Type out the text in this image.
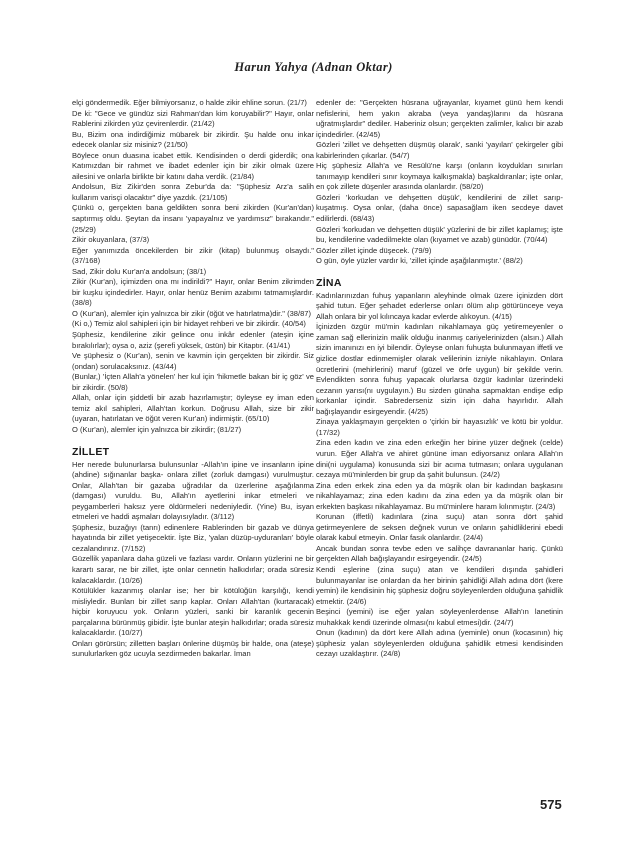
Harun Yahya (Adnan Oktar)

elçi göndermedik. Eğer bilmiyorsanız, o halde zikir ehline sorun. (21/7)

De ki: "Gece ve gündüz sizi Rahman'dan kim koruyabilir?" Hayır, onlar Rablerini zikirden yüz çevirenlerdir. (21/42)

Bu, Bizim ona indirdiğimiz mübarek bir zikirdir. Şu halde onu inkar edecek olanlar siz misiniz? (21/50)

Böylece onun duasına icabet ettik. Kendisinden o derdi giderdik; ona Katımızdan bir rahmet ve ibadet edenler için bir zikir olmak üzere ailesini ve onlarla birlikte bir katını daha verdik. (21/84)

Andolsun, Biz Zikir'den sonra Zebur'da da: "Şüphesiz Arz'a salih kullarım varisçi olacaktır" diye yazdık. (21/105)

Çünkü o, gerçekten bana geldikten sonra beni zikirden (Kur'an'dan) saptırmış oldu. Şeytan da insanı 'yapayalnız ve yardımsız" bırakandır." (25/29)

Zikir okuyanlara, (37/3)

Eğer yanımızda öncekilerden bir zikir (kitap) bulunmuş olsaydı." (37/168)

Sad, Zikir dolu Kur'an'a andolsun; (38/1)

Zikir (Kur'an), içimizden ona mı indirildi?" Hayır, onlar Benim zikrimden bir kuşku içindedirler. Hayır, onlar henüz Benim azabımı tatmamışlardır. (38/8)

O (Kur'an), alemler için yalnızca bir zikir (öğüt ve hatırlatma)dir." (38/87)

(Ki o,) Temiz akıl sahipleri için bir hidayet rehberi ve bir zikirdir. (40/54)

Şüphesiz, kendilerine zikir gelince onu inkâr edenler (ateşin içine bırakılırlar); oysa o, aziz (şerefi yüksek, üstün) bir Kitaptır. (41/41)

Ve şüphesiz o (Kur'an), senin ve kavmin için gerçekten bir zikirdir. Siz (ondan) sorulacaksınız. (43/44)

(Bunlar,) 'İçten Allah'a yönelen' her kul için 'hikmetle bakan bir iç göz' ve bir zikirdir. (50/8)

Allah, onlar için şiddetli bir azab hazırlamıştır; öyleyse ey iman eden temiz akıl sahipleri, Allah'tan korkun. Doğrusu Allah, size bir zikir (uyaran, hatırlatan ve öğüt veren Kur'an) indirmiştir. (65/10)

O (Kur'an), alemler için yalnızca bir zikirdir; (81/27)

ZİLLET

Her nerede bulunurlarsa bulunsunlar -Allah'ın ipine ve insanların ipine (ahdine) sığınanlar başka- onlara zillet (zorluk damgası) vurulmuştur. Onlar, Allah'tan bir gazaba uğradılar da üzerlerine aşağılanma (damgası) vuruldu. Bu, Allah'ın ayetlerini inkar etmeleri ve peygamberleri haksız yere öldürmeleri nedeniyledir. (Yine) Bu, isyan etmeleri ve haddi aşmaları dolayısıyladır. (3/112)

Şüphesiz, buzağıyı (tanrı) edinenlere Rablerinden bir gazab ve dünya hayatında bir zillet yetişecektir. İşte Biz, 'yalan düzüp-uyduranları' böyle cezalandırırız. (7/152)

Güzellik yapanlara daha güzeli ve fazlası vardır. Onların yüzlerini ne bir karartı sarar, ne bir zillet, işte onlar cennetin halkıdırlar; orada süresiz kalacaklardır. (10/26)

Kötülükler kazanmış olanlar ise; her bir kötülüğün karşılığı, kendi misliyledir. Bunları bir zillet sarıp kaplar. Onları Allah'tan (kurtaracak) hiçbir koruyucu yok. Onların yüzleri, sanki bir karanlık gecenin parçalarına bürünmüş gibidir. İşte bunlar ateşin halkıdırlar; orada süresiz kalacaklardır. (10/27)

Onları görürsün; zilletten başları önlerine düşmüş bir halde, ona (ateşe) sunulurlarken göz ucuyla sezdirmeden bakarlar. İman

edenler de: "Gerçekten hüsrana uğrayanlar, kıyamet günü hem kendi nefislerini, hem yakın akraba (veya yandaş)larını da hüsrana uğratmışlardır" dediler. Haberiniz olsun; gerçekten zalimler, kalıcı bir azab içindedirler. (42/45)

Gözleri 'zillet ve dehşetten düşmüş olarak', sanki 'yayılan' çekirgeler gibi kabirlerinden çıkarlar. (54/7)

Hiç şüphesiz Allah'a ve Resülü'ne karşı (onların koydukları sınırları tanımayıp kendileri sınır koymaya kalkışmakla) başkaldıranlar; işte onlar, en çok zillete düşenler arasında olanlardır. (58/20)

Gözleri 'korkudan ve dehşetten düşük', kendilerini de zillet sarıp-kuşatmış. Oysa onlar, (daha önce) sapasağlam iken secdeye davet edilirlerdi. (68/43)

Gözleri 'korkudan ve dehşetten düşük' yüzlerini de bir zillet kaplamış; işte bu, kendilerine vadedilmekte olan (kıyamet ve azab) günüdür. (70/44)

Gözler zillet içinde düşecek. (79/9)

O gün, öyle yüzler vardır ki, 'zillet içinde aşağılanmıştır.' (88/2)

ZİNA

Kadınlarınızdan fuhuş yapanların aleyhinde olmak üzere içinizden dört şahid tutun. Eğer şehadet ederlerse onları ölüm alıp götürünceye veya Allah onlara bir yol kılıncaya kadar evlerde alıkoyun. (4/15)

İçinizden özgür mü'min kadınları nikahlamaya güç yetiremeyenler o zaman sağ ellerinizin malik olduğu inanmış cariyelerinizden (alsın.) Allah sizin imanınızı en iyi bilendir. Öyleyse onları fuhuşta bulunmayan iffetli ve gizlice dostlar edinmemişler olarak velilerinin izniyle nikahlayın. Onlara ücretlerini (mehirlerini) maruf (güzel ve örfe uygun) bir şekilde verin. Evlendikten sonra fuhuş yapacak olurlarsa özgür kadınlar üzerindeki cezanın yarısı(nı uygulayın.) Bu sizden günaha sapmaktan endişe edip korkanlar içindir. Sabrederseniz sizin için daha hayırlıdır. Allah bağışlayandır esirgeyendir. (4/25)

Zinaya yaklaşmayın gerçekten o 'çirkin bir hayasızlık' ve kötü bir yoldur. (17/32)

Zina eden kadın ve zina eden erkeğin her birine yüzer değnek (celde) vurun. Eğer Allah'a ve ahiret gününe iman ediyorsanız onlara Allah'ın dini(ni uygulama) konusunda sizi bir acıma tutmasın; onlara uygulanan cezaya mü'minlerden bir grup da şahit bulunsun. (24/2)

Zina eden erkek zina eden ya da müşrik olan bir kadından başkasını nikahlayamaz; zina eden kadını da zina eden ya da müşrik olan bir erkekten başkası nikahlayamaz. Bu mü'minlere haram kılınmıştır. (24/3)

Korunan (iffetli) kadınlara (zina suçu) atan sonra dört şahid getirmeyenlere de seksen değnek vurun ve onların şahidliklerini ebedi olarak kabul etmeyin. Onlar fasık olanlardır. (24/4)

Ancak bundan sonra tevbe eden ve salihçe davrananlar hariç. Çünkü gerçekten Allah bağışlayandır esirgeyendir. (24/5)

Kendi eşlerine (zina suçu) atan ve kendileri dışında şahidleri bulunmayanlar ise onlardan da her birinin şahidliği Allah adına dört (kere yemin) ile kendisinin hiç şüphesiz doğru söyleyenlerden olduğuna şahidlik etmektir. (24/6)

Beşinci (yemini) ise eğer yalan söyleyenlerdense Allah'ın lanetinin muhakkak kendi üzerinde olması(nı kabul etmesi)dir. (24/7)

Onun (kadının) da dört kere Allah adına (yeminle) onun (kocasının) hiç şüphesiz yalan söyleyenlerden olduğuna şahidlik etmesi kendisinden cezayı uzaklaştırır. (24/8)

575
